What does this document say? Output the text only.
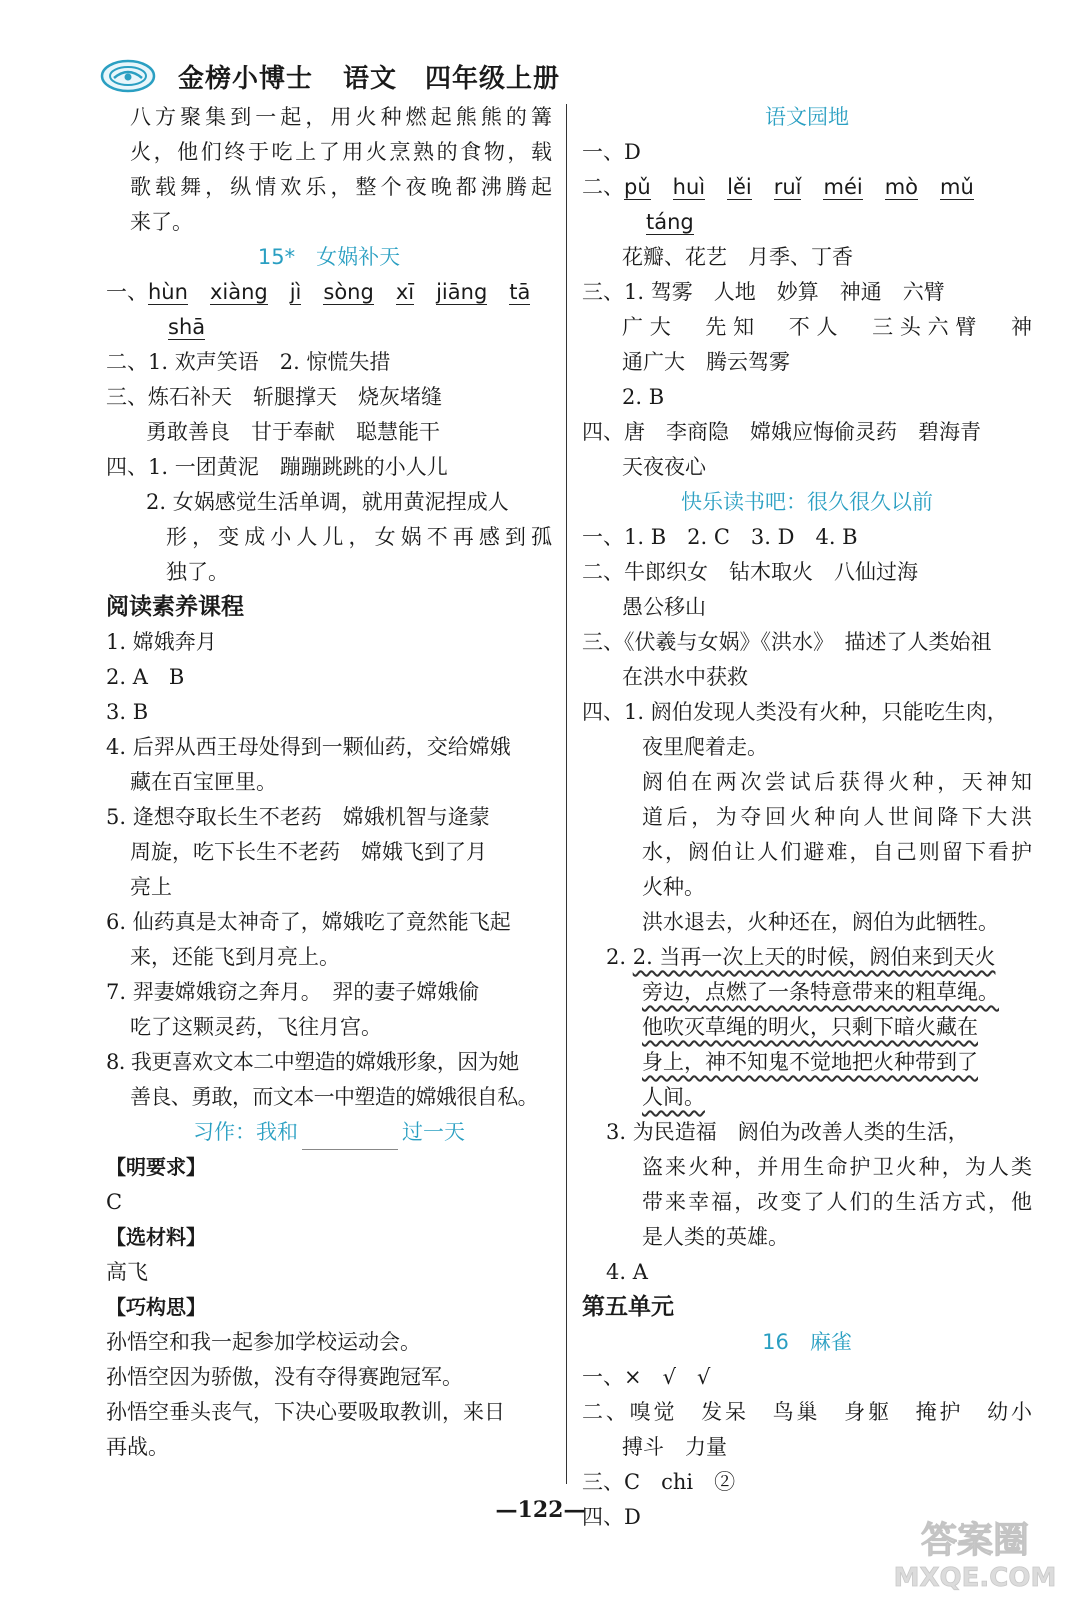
金榜小博士 语文 四年级上册
八方聚集到一起，用火种燃起熊熊的篝
火，他们终于吃上了用火烹熟的食物，载
歌载舞，纵情欢乐，整个夜晚都沸腾起
来了。
15*　女娲补天
一、 hùn xiàng jì sòng xī jiāng tā
shā
二、1. 欢声笑语　2. 惊慌失措
三、炼石补天　斩腿撑天　烧灰堵缝
勇敢善良　甘于奉献　聪慧能干
四、1. 一团黄泥　蹦蹦跳跳的小人儿
2. 女娲感觉生活单调，就用黄泥捏成人
形，变成小人儿，女娲不再感到孤
独了。
阅读素养课程
1. 嫦娥奔月
2. A　B
3. B
4. 后羿从西王母处得到一颗仙药，交给嫦娥
藏在百宝匣里。
5. 逄想夺取长生不老药　嫦娥机智与逄蒙
周旋，吃下长生不老药　嫦娥飞到了月
亮上
6. 仙药真是太神奇了，嫦娥吃了竟然能飞起
来，还能飞到月亮上。
7. 羿妻嫦娥窃之奔月。　羿的妻子嫦娥偷
吃了这颗灵药，飞往月宫。
8. 我更喜欢文本二中塑造的嫦娥形象，因为她
善良、勇敢，而文本一中塑造的嫦娥很自私。
习作：我和	过一天
【明要求】
C
【选材料】
高飞
【巧构思】
孙悟空和我一起参加学校运动会。
孙悟空因为骄傲，没有夺得赛跑冠军。
孙悟空垂头丧气，下决心要吸取教训，来日
再战。
语文园地
一、D
二、 pǔ huì lěi ruǐ méi mò mǔ
táng
花瓣、花艺　月季、丁香
三、1. 驾雾　人地　妙算　神通　六臂
广大　先知　不人　三头六臂　神
通广大　腾云驾雾
2. B
四、唐　李商隐　嫦娥应悔偷灵药　碧海青
天夜夜心
快乐读书吧：很久很久以前
一、1. B　2. C　3. D　4. B
二、牛郎织女　钻木取火　八仙过海
愚公移山
三、《伏羲与女娲》《洪水》　描述了人类始祖
在洪水中获救
四、1. 阏伯发现人类没有火种，只能吃生肉，
夜里爬着走。
阏伯在两次尝试后获得火种，天神知
道后，为夺回火种向人世间降下大洪
水，阏伯让人们避难，自己则留下看护
火种。
洪水退去，火种还在，阏伯为此牺牲。
2. 2. 当再一次上天的时候，阏伯来到天火
旁边，点燃了一条特意带来的粗草绳。
他吹灭草绳的明火，只剩下暗火藏在
身上，神不知鬼不觉地把火种带到了
人间。
3. 为民造福　阏伯为改善人类的生活，
盗来火种，并用生命护卫火种，为人类
带来幸福，改变了人们的生活方式，他
是人类的英雄。
4. A
第五单元
16　麻雀
一、×　√　√
二、嗅觉　发呆　鸟巢　身躯　掩护　幼小
搏斗　力量
三、C　chi　②
四、D
—122—
答案圈
MXQE.COM
